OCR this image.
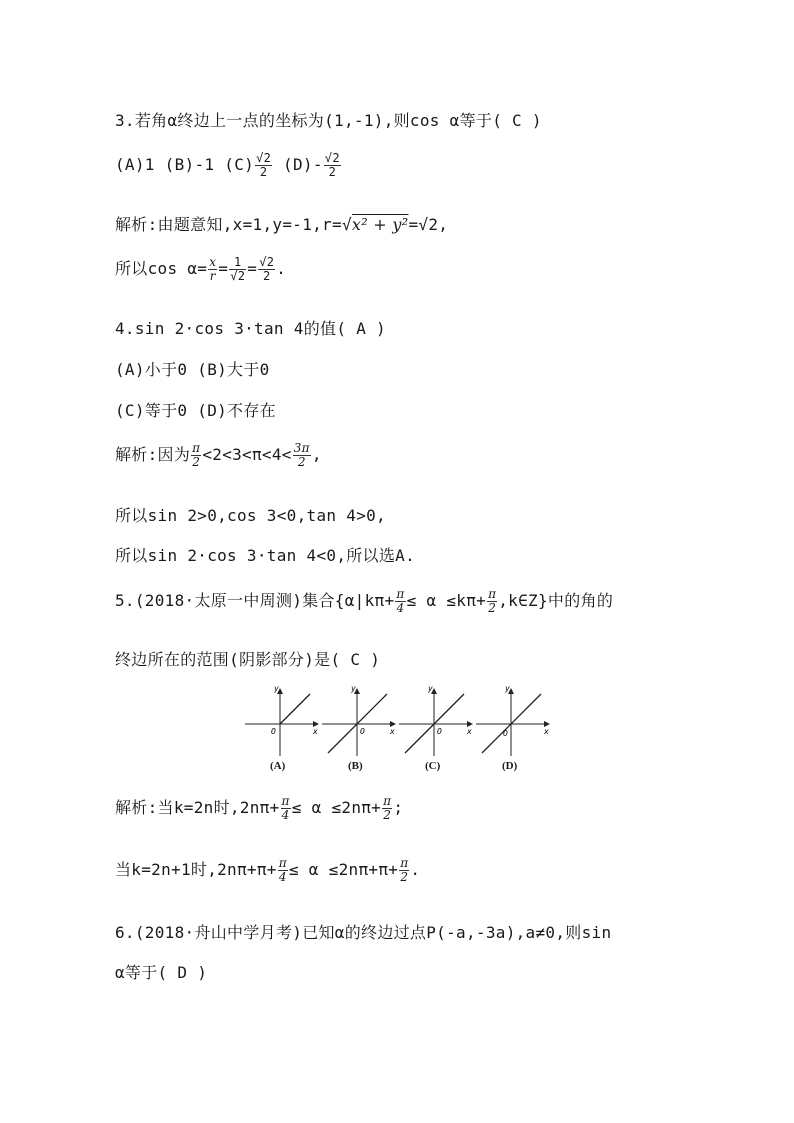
3.若角α终边上一点的坐标为(1,-1),则cos α等于( C )
(A)1 (B)-1 $(C) \frac{√2}{2} (D)- \frac{√2}{2}$
解析:由题意知,x=1,y=-1,r=√x² + y²=√2,
所以$\cos \alpha= \frac{x}{r} = \frac{1}{√2} = \frac{√2}{2}$ .
4.sin 2·cos 3·tan 4的值( A )
(A)小于0 (B)大于0
(C)等于0 (D)不存在
解析:因为 $\frac{\pi}{2} <2<3<\pi<4< \frac{3\pi}{2}$ ,
所以sin 2>0,cos 3<0,tan 4>0,
所以sin 2·cos 3·tan 4<0,所以选A.
5.(2018·太原一中周测)集合{$\alpha|k\pi+ \frac{\pi}{4} \le \alpha \le k\pi+ \frac{\pi}{2}$ ,k∈Z}中的角的
终边所在的范围(阴影部分)是( C )
y
x
O
y
x
O
y
x
O
y
x
O
(A)	(B)	(C)	(D)
解析:当k=2n时$,2n\pi+ \frac{\pi}{4} \le \alpha \le 2n\pi+ \frac{\pi}{2}$ ;
当k=2n+1时$,2n\pi+\pi+ \frac{\pi}{4} \le \alpha \le 2n\pi+\pi+ \frac{\pi}{2}$ .
6.(2018·舟山中学月考)已知α的终边过点P(-a,-3a),a≠0,则sin
α等于( D )
